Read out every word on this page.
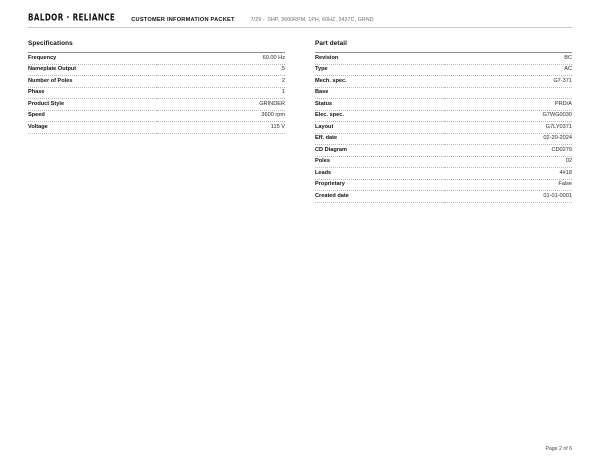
BALDOR · RELIANCE	CUSTOMER INFORMATION PACKET	7/29 - .5HP, 3600RPM, 1PH, 60HZ, 3437C, GRND
Specifications
Frequency	60.00 Hz
Nameplate Output	.5
Number of Poles	2
Phase	1
Product Style	GRINDER
Speed	3600 rpm
Voltage	115 V
Part detail
Revision	BC
Type	AC
Mech. spec.	G7-371
Base	
Status	PRD/A
Elec. spec.	G7WG0030
Layout	G7LY0371
Eff. date	02-20-2024
CD Diagram	CD0279
Poles	02
Leads	4#18
Proprietary	False
Created date	01-01-0001
Page 2 of 6
